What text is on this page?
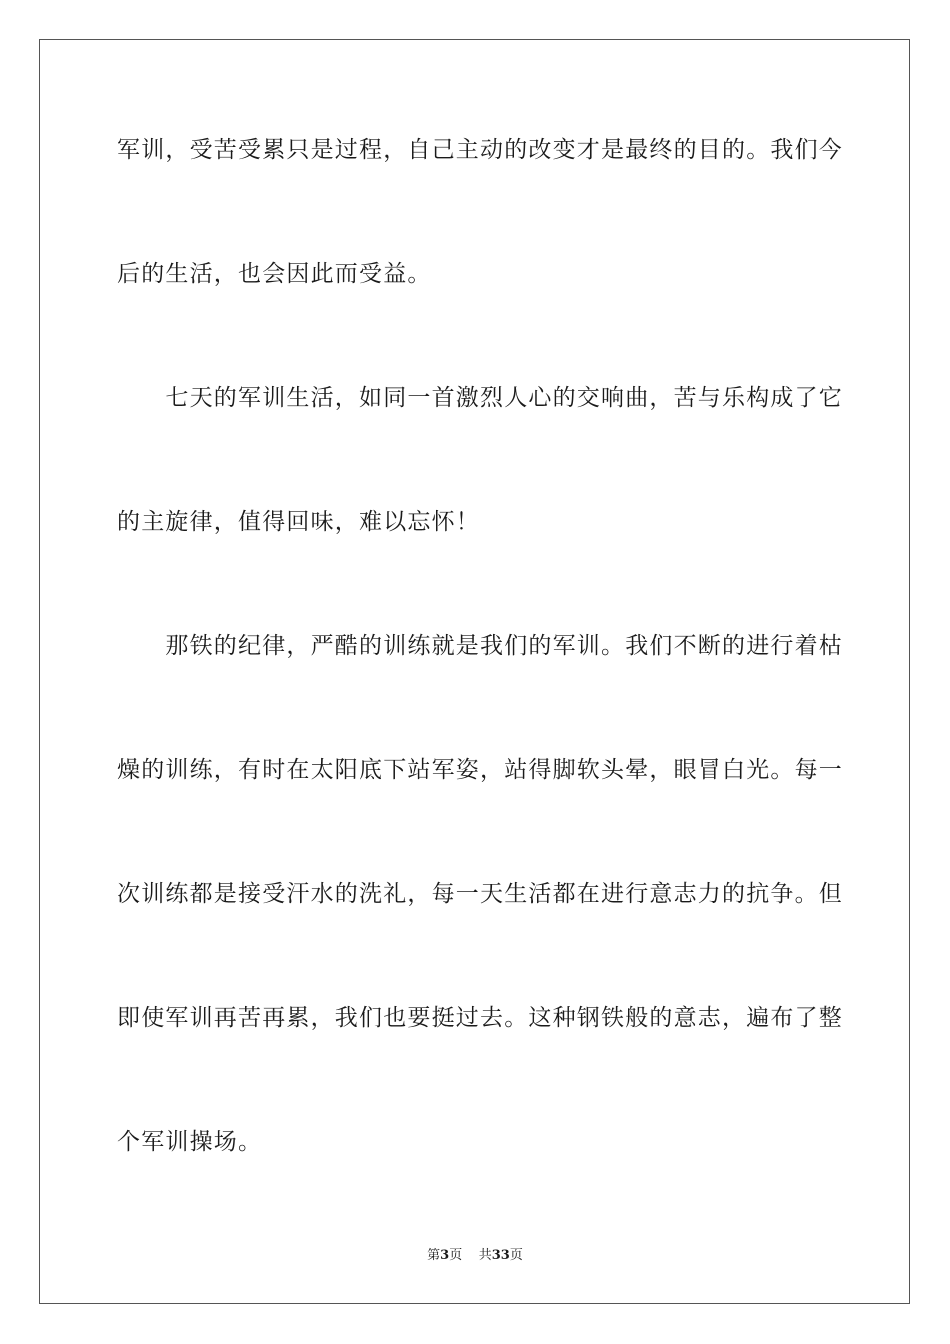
军训，受苦受累只是过程，自己主动的改变才是最终的目的。我们今
后的生活，也会因此而受益。
　　七天的军训生活，如同一首激烈人心的交响曲，苦与乐构成了它
的主旋律，值得回味，难以忘怀！
　　那铁的纪律，严酷的训练就是我们的军训。我们不断的进行着枯
燥的训练，有时在太阳底下站军姿，站得脚软头晕，眼冒白光。每一
次训练都是接受汗水的洗礼，每一天生活都在进行意志力的抗争。但
即使军训再苦再累，我们也要挺过去。这种钢铁般的意志，遍布了整
个军训操场。
第3页 共33页
